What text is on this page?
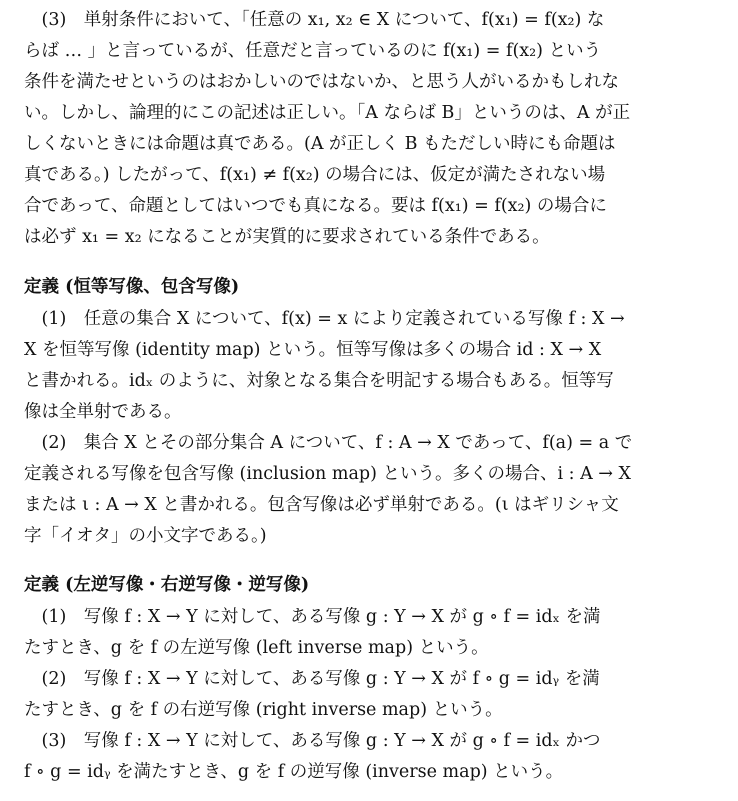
　(3)　単射条件において、「任意の x₁, x₂ ∈ X について、f(x₁) = f(x₂) な
らば … 」と言っているが、任意だと言っているのに f(x₁) = f(x₂) という
条件を満たせというのはおかしいのではないか、と思う人がいるかもしれな
い。しかし、論理的にこの記述は正しい。「A ならば B」というのは、A が正
しくないときには命題は真である。(A が正しく B もただしい時にも命題は
真である。) したがって、f(x₁) ≠ f(x₂) の場合には、仮定が満たされない場
合であって、命題としてはいつでも真になる。要は f(x₁) = f(x₂) の場合に
は必ず x₁ = x₂ になることが実質的に要求されている条件である。
定義 (恒等写像、包含写像)
　(1)　任意の集合 X について、f(x) = x により定義されている写像 f : X →
X を恒等写像 (identity map) という。恒等写像は多くの場合 id : X → X
と書かれる。idₓ のように、対象となる集合を明記する場合もある。恒等写
像は全単射である。
　(2)　集合 X とその部分集合 A について、f : A → X であって、f(a) = a で
定義される写像を包含写像 (inclusion map) という。多くの場合、i : A → X
または ι : A → X と書かれる。包含写像は必ず単射である。(ι はギリシャ文
字「イオタ」の小文字である。)
定義 (左逆写像・右逆写像・逆写像)
　(1)　写像 f : X → Y に対して、ある写像 g : Y → X が g ∘ f = idₓ を満
たすとき、g を f の左逆写像 (left inverse map) という。
　(2)　写像 f : X → Y に対して、ある写像 g : Y → X が f ∘ g = idᵧ を満
たすとき、g を f の右逆写像 (right inverse map) という。
　(3)　写像 f : X → Y に対して、ある写像 g : Y → X が g ∘ f = idₓ かつ
f ∘ g = idᵧ を満たすとき、g を f の逆写像 (inverse map) という。
